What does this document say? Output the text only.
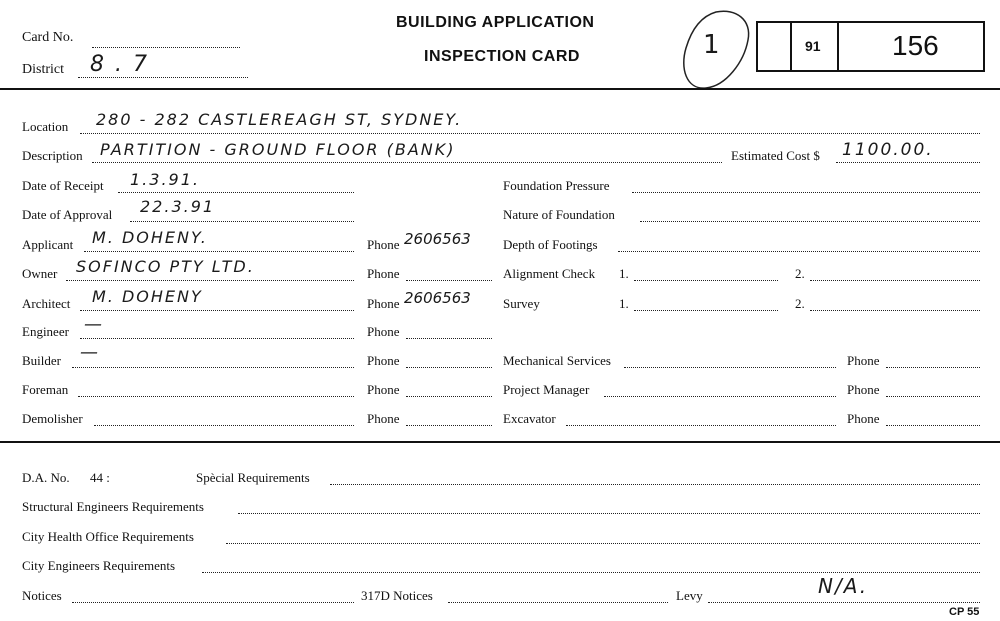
Card No.
District 8 . 7
BUILDING APPLICATION
INSPECTION CARD	1	91	156
Location 280 - 282 CASTLEREAGH ST, SYDNEY.
Description PARTITION - GROUND FLOOR (BANK)	Estimated Cost $ 1100.00.
Date of Receipt 1.3.91.	Foundation Pressure
Date of Approval 22.3.91	Nature of Foundation
Applicant M. DOHENY.	Phone 2606563 Depth of Footings
Owner SOFINCO PTY LTD.	Phone	Alignment Check 1.	2.
Architect M. DOHENY	Phone 2606563 Survey	1.	2.
Engineer —	Phone
Builder —	Phone	Mechanical Services	Phone
Foreman	Phone	Project Manager	Phone
Demolisher	Phone	Excavator	Phone
D.A. No. 44 :	Spècial Requirements
Structural Engineers Requirements
City Health Office Requirements
City Engineers Requirements
Notices	317D Notices	Levy	N/A.
CP 55
